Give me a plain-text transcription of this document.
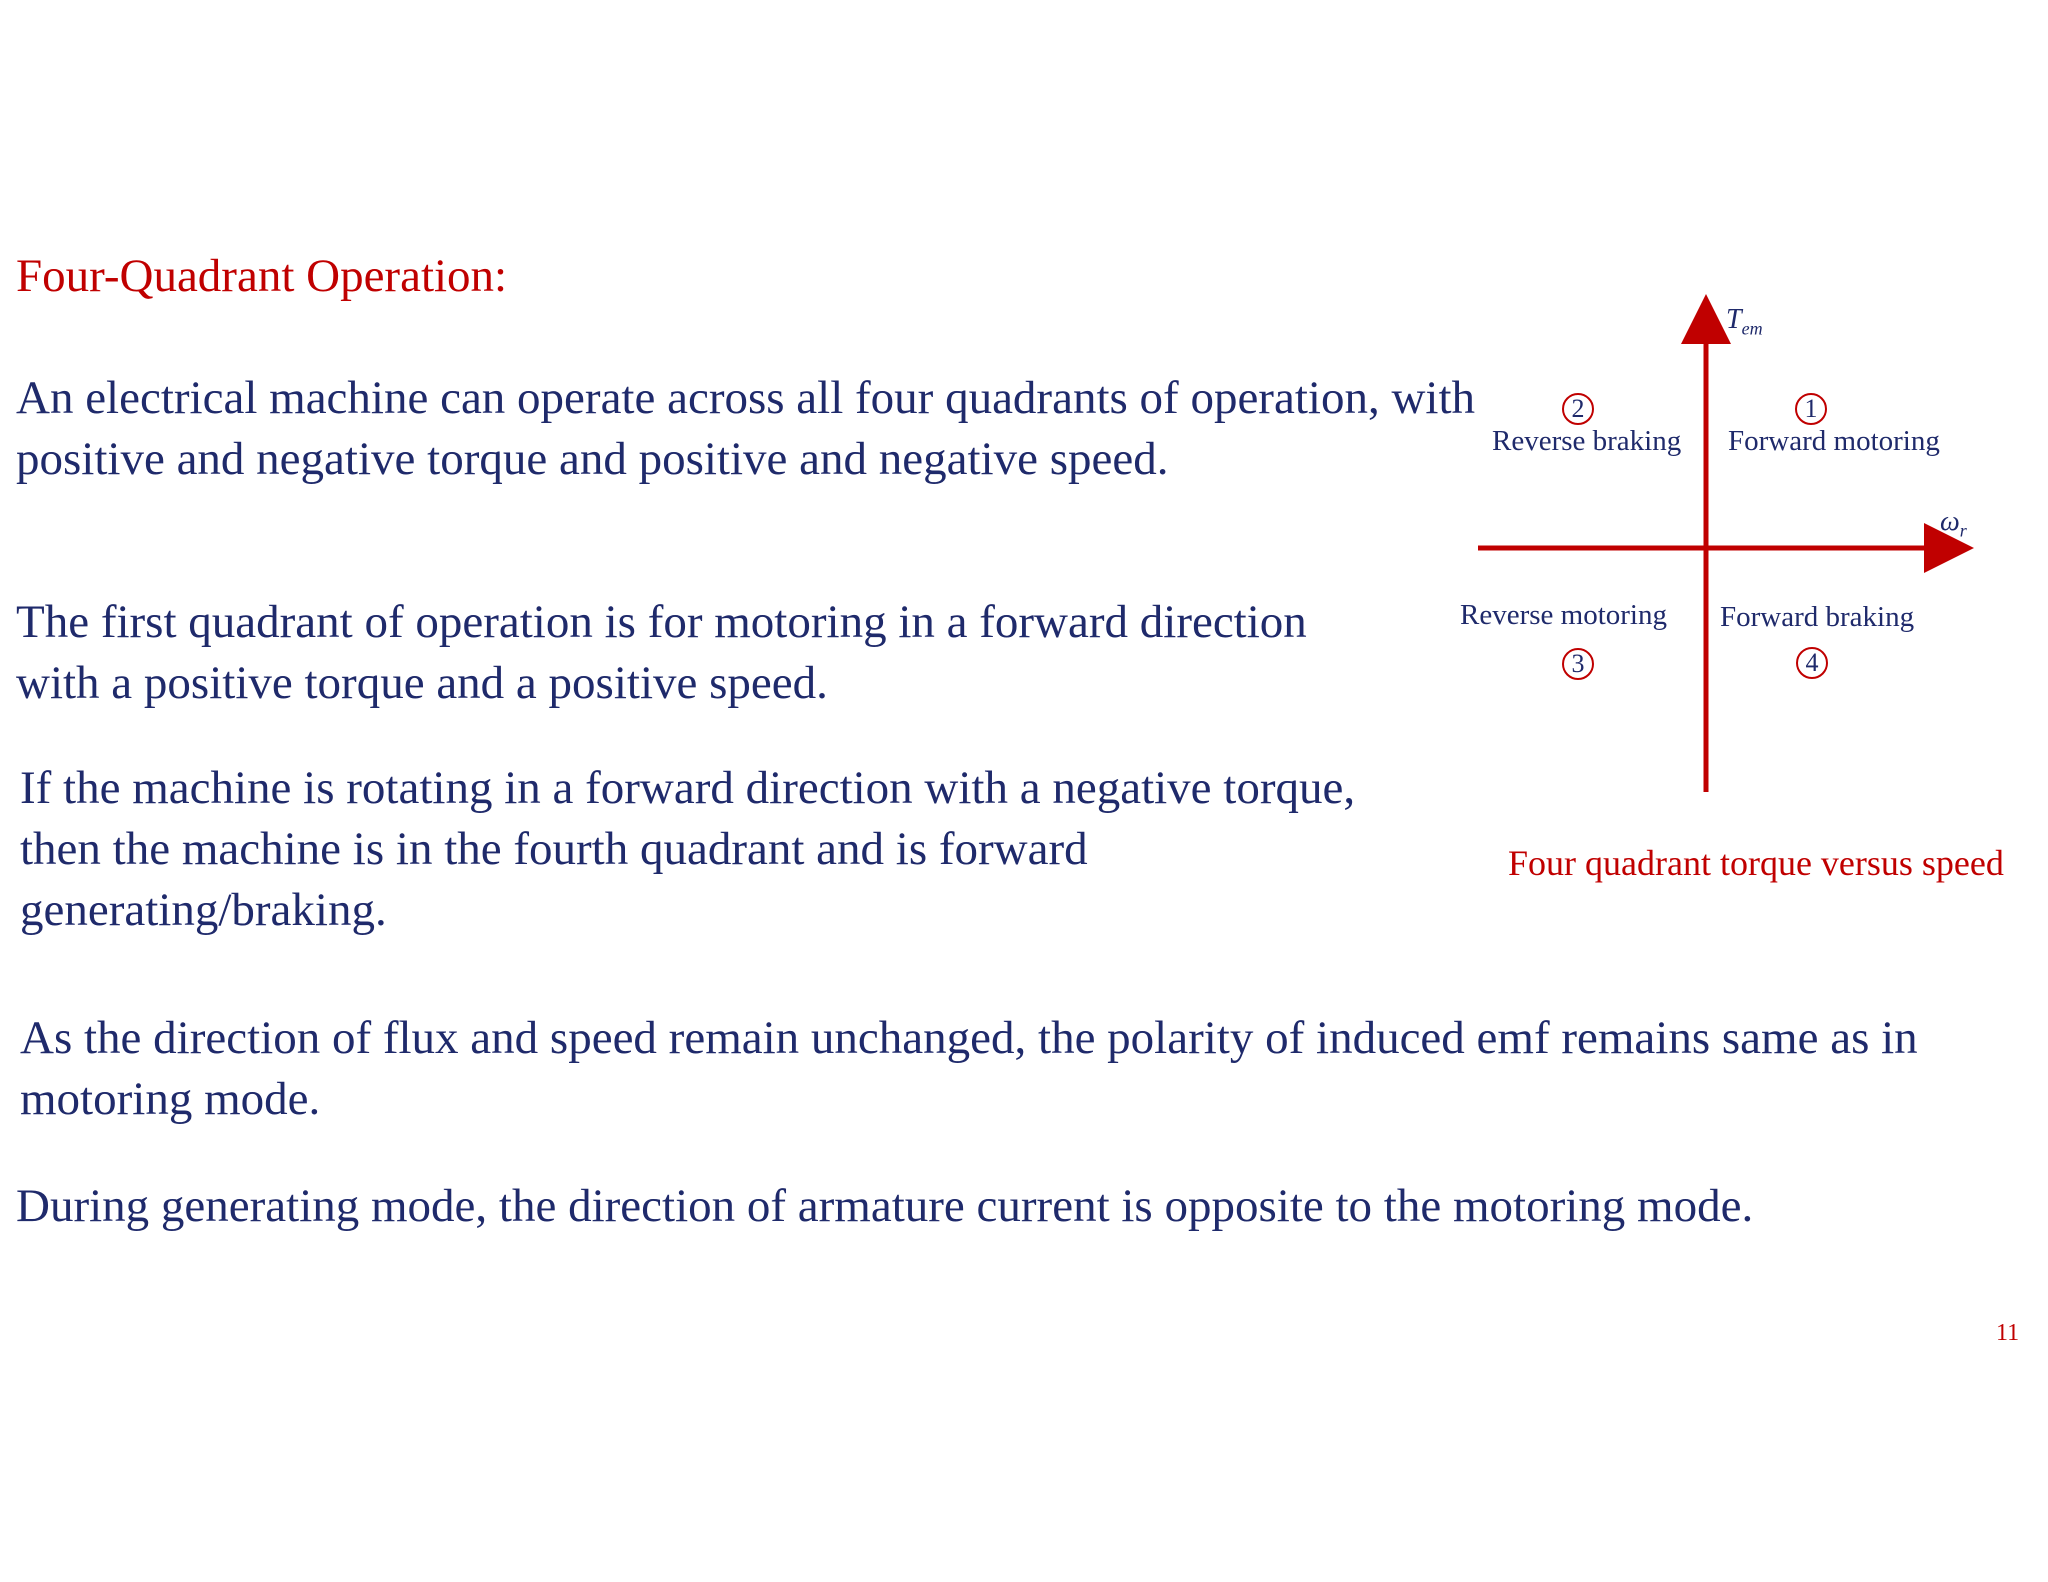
Four-Quadrant Operation:

An electrical machine can operate across all four quadrants of operation, with positive and negative torque and positive and negative speed.

The first quadrant of operation is for motoring in a forward direction with a positive torque and a positive speed.

If the machine is rotating in a forward direction with a negative torque, then the machine is in the fourth quadrant and is forward generating/braking.

As the direction of flux and speed remain unchanged, the polarity of induced emf remains same as in motoring mode.

During generating mode, the direction of armature current is opposite to the motoring mode.

$T_{em}$
$\omega_r$
1
Forward motoring
2
Reverse braking
Reverse motoring
3
Forward braking
4
Four quadrant torque versus speed
11
